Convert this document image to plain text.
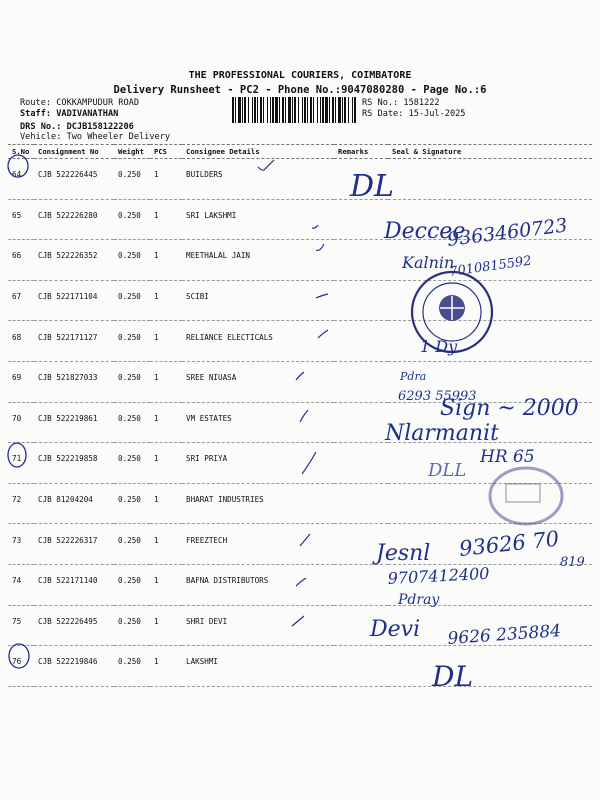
THE PROFESSIONAL COURIERS, COIMBATORE
Delivery Runsheet - PC2 - Phone No.:9047080280 - Page No.:6
Route: COKKAMPUDUR ROAD
Staff: VADIVANATHAN
DRS No.: DCJB158122206
Vehicle: Two Wheeler Delivery
RS No.: 1581222
RS Date: 15-Jul-2025
S.No	Consignment No	Weight	PCS	Consignee Details	Remarks	Seal & Signature
64	CJB 522226445	0.250	1	BUILDERS		
65	CJB 522226280	0.250	1	SRI LAKSHMI		
66	CJB 522226352	0.250	1	MEETHALAL JAIN		
67	CJB 522171104	0.250	1	SCIBI		
68	CJB 522171127	0.250	1	RELIANCE ELECTICALS		
69	CJB 521827033	0.250	1	SREE NIUASA		
70	CJB 522219861	0.250	1	VM ESTATES		
71	CJB 522219858	0.250	1	SRI PRIYA		
72	CJB 81204204	0.250	1	BHARAT INDUSTRIES		
73	CJB 522226317	0.250	1	FREEZTECH		
74	CJB 522171140	0.250	1	BAFNA DISTRIBUTORS		
75	CJB 522226495	0.250	1	SHRI DEVI		
76	CJB 522219846	0.250	1	LAKSHMI		
DL
Deccee
9363460723
Kalnin
7010815592
1 Dy
Pdra
6293 55993
Sign ~ 2000
Nlarmanit
HR 65
DLL
Jesnl 93626 70
819
9707412400
Pdray
Devi 9626 235884
DL
